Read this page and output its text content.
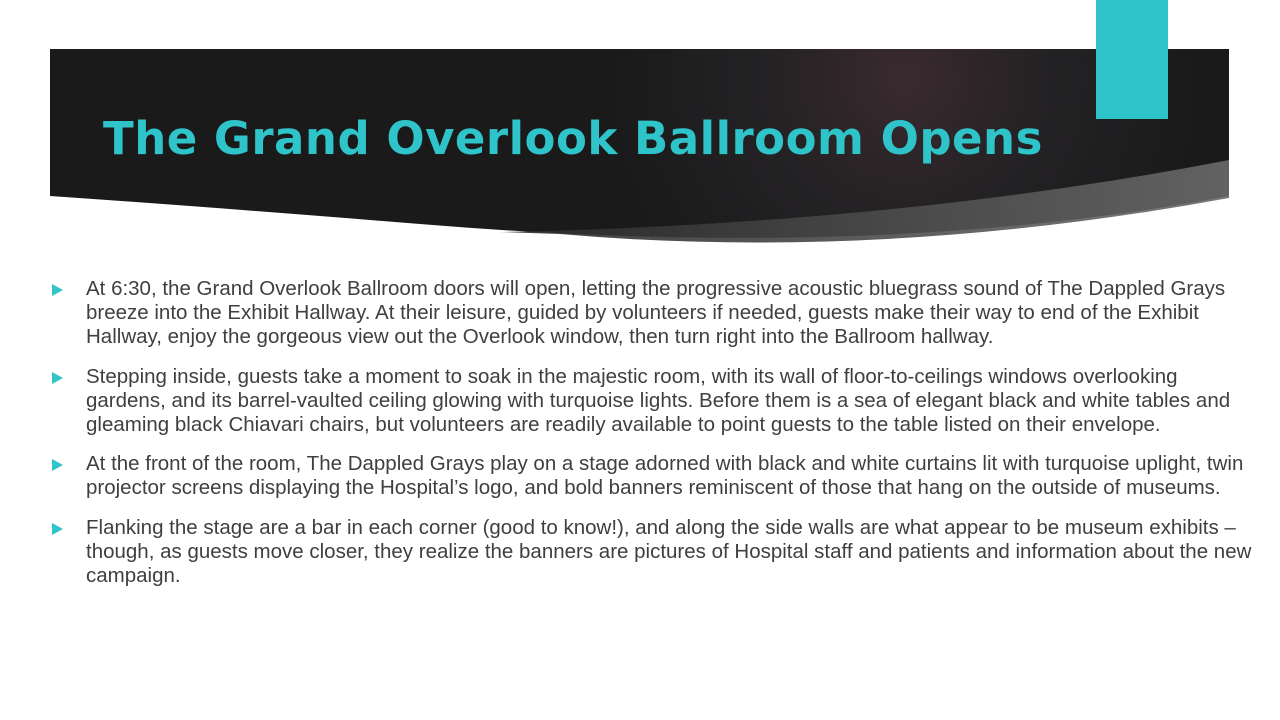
The Grand Overlook Ballroom Opens
At 6:30, the Grand Overlook Ballroom doors will open, letting the progressive acoustic bluegrass sound of The Dappled Grays breeze into the Exhibit Hallway. At their leisure, guided by volunteers if needed, guests make their way to end of the Exhibit Hallway, enjoy the gorgeous view out the Overlook window, then turn right into the Ballroom hallway.
Stepping inside, guests take a moment to soak in the majestic room, with its wall of floor-to-ceilings windows overlooking gardens, and its barrel-vaulted ceiling glowing with turquoise lights. Before them is a sea of elegant black and white tables and gleaming black Chiavari chairs, but volunteers are readily available to point guests to the table listed on their envelope.
At the front of the room, The Dappled Grays play on a stage adorned with black and white curtains lit with turquoise uplight, twin projector screens displaying the Hospital’s logo, and bold banners reminiscent of those that hang on the outside of museums.
Flanking the stage are a bar in each corner (good to know!), and along the side walls are what appear to be museum exhibits – though, as guests move closer, they realize the banners are pictures of Hospital staff and patients and information about the new campaign.
